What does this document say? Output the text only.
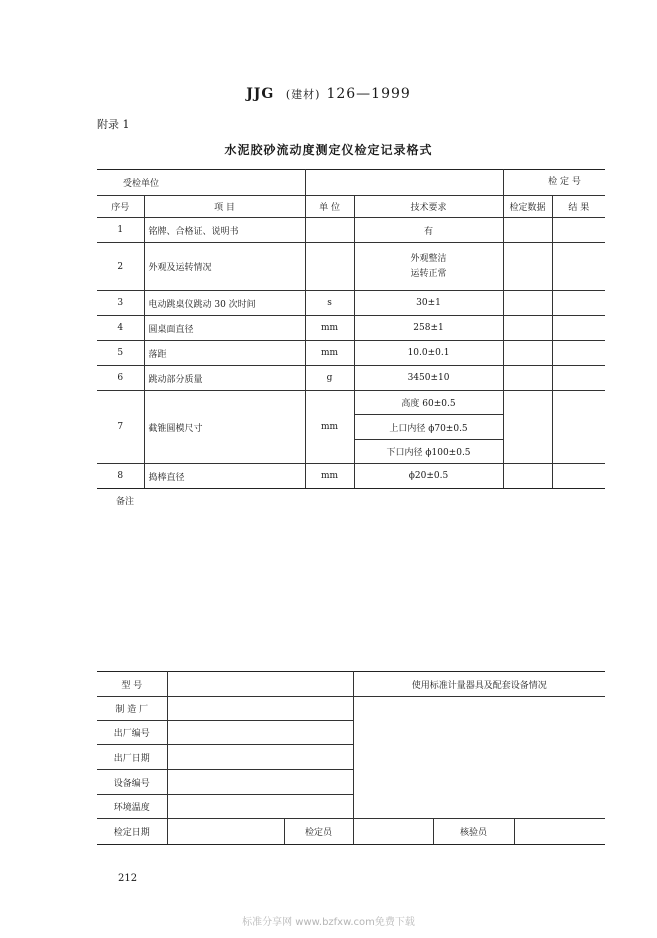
JJG (建材) 126—1999
附录 1
水泥胶砂流动度测定仪检定记录格式
受检单位				检 定 号	
序号	项 目	单 位	技术要求	检定数据	结 果
1	铭牌、合格证、说明书		有		
2	外观及运转情况		外观整洁
运转正常		

3	电动跳桌仪跳动 30 次时间	s	30±1		
4	圆桌面直径	mm	258±1		
5	落距	mm	10.0±0.1		
6	跳动部分质量	g	3450±10		
7	截锥圆模尺寸	mm	高度 60±0.5		
			上口内径 ϕ70±0.5		
			下口内径 ϕ100±0.5		
8	捣棒直径	mm	ϕ20±0.5		
备注
型 号			使用标准计量器具及配套设备情况		
制 造 厂					
出厂编号					
出厂日期					
设备编号					
环境温度					
检定日期		检定员		核验员	
212
标准分享网 www.bzfxw.com免费下载
